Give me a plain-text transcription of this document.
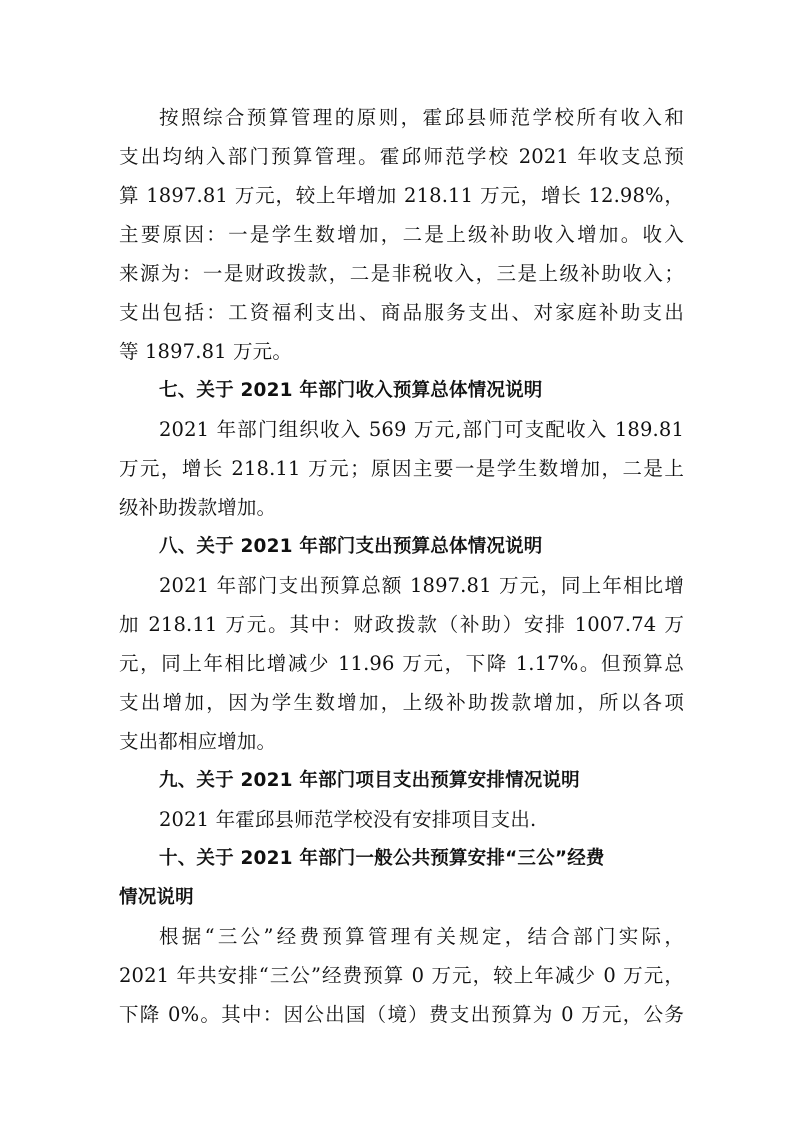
按照综合预算管理的原则，霍邱县师范学校所有收入和
支出均纳入部门预算管理。霍邱师范学校 2021 年收支总预
算 1897.81 万元，较上年增加 218.11 万元，增长 12.98%，
主要原因：一是学生数增加，二是上级补助收入增加。收入
来源为：一是财政拨款，二是非税收入，三是上级补助收入；
支出包括：工资福利支出、商品服务支出、对家庭补助支出
等 1897.81 万元。
七、关于 2021 年部门收入预算总体情况说明
2021 年部门组织收入 569 万元,部门可支配收入 189.81
万元，增长 218.11 万元；原因主要一是学生数增加，二是上
级补助拨款增加。
八、关于 2021 年部门支出预算总体情况说明
2021 年部门支出预算总额 1897.81 万元，同上年相比增
加 218.11 万元。其中：财政拨款（补助）安排 1007.74 万
元，同上年相比增减少 11.96 万元，下降 1.17%。但预算总
支出增加，因为学生数增加，上级补助拨款增加，所以各项
支出都相应增加。
九、关于 2021 年部门项目支出预算安排情况说明
2021 年霍邱县师范学校没有安排项目支出.
十、关于 2021 年部门一般公共预算安排“三公”经费
情况说明
根据“三公”经费预算管理有关规定，结合部门实际，
2021 年共安排“三公”经费预算 0 万元，较上年减少 0 万元，
下降 0%。其中：因公出国（境）费支出预算为 0 万元，公务
